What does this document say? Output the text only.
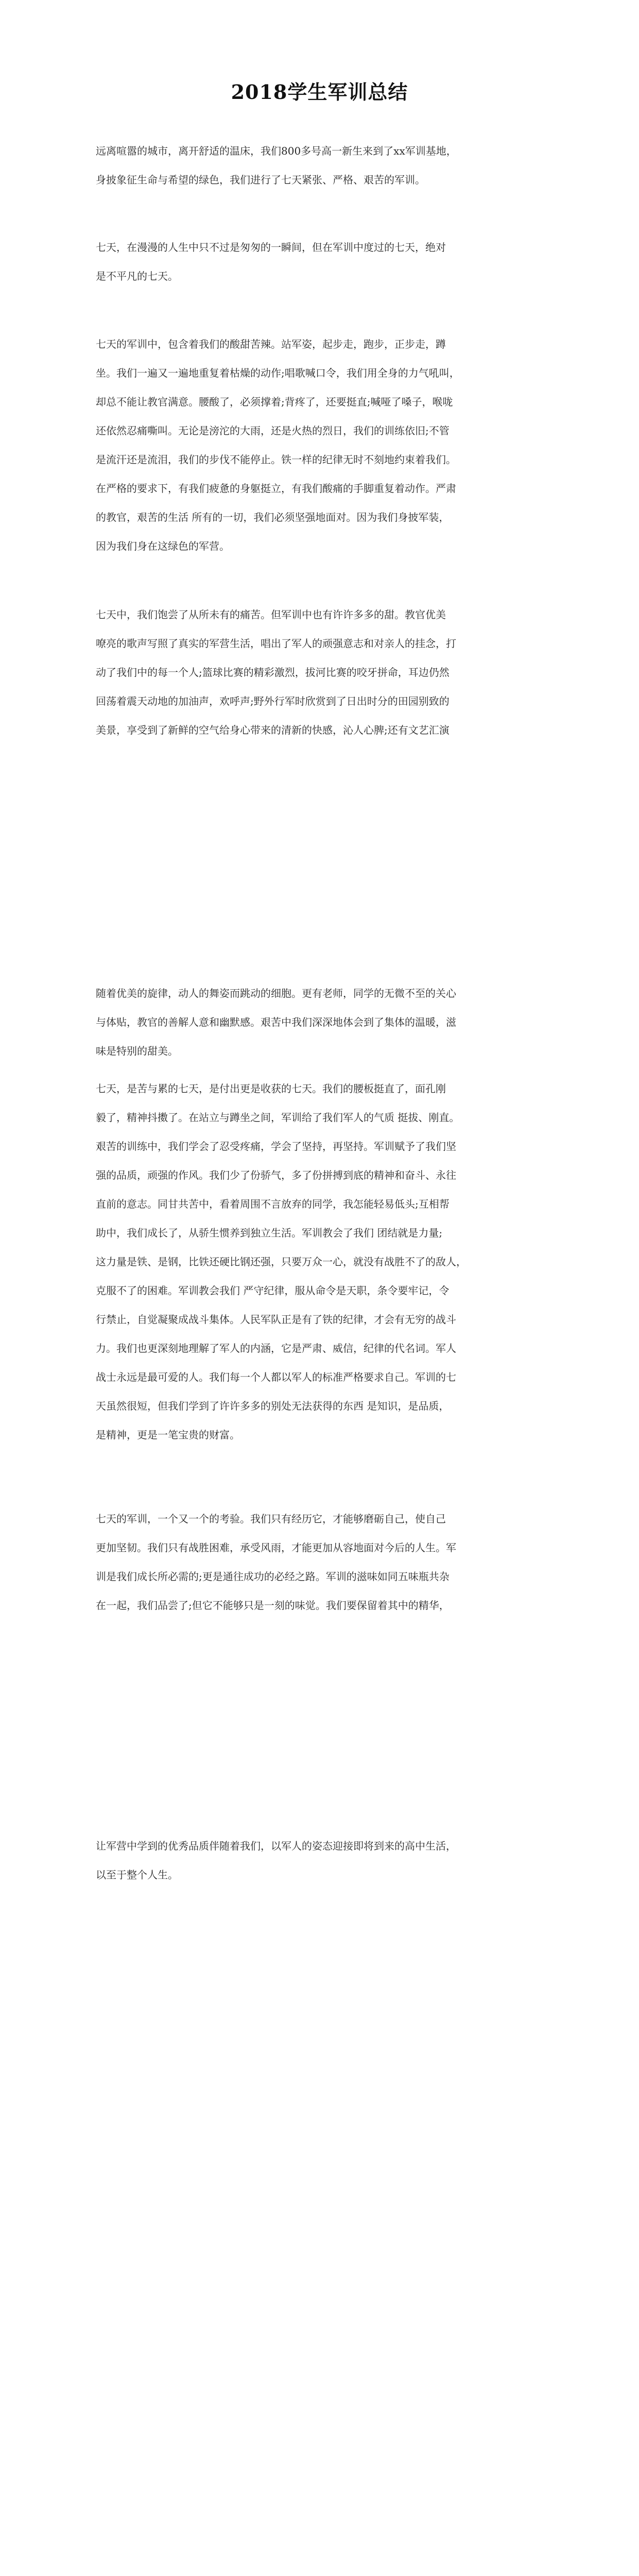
2018学生军训总结
远离喧嚣的城市，离开舒适的温床，我们800多号高一新生来到了xx军训基地，
身披象征生命与希望的绿色，我们进行了七天紧张、严格、艰苦的军训。
七天，在漫漫的人生中只不过是匆匆的一瞬间，但在军训中度过的七天，绝对
是不平凡的七天。
七天的军训中，包含着我们的酸甜苦辣。站军姿，起步走，跑步，正步走，蹲
坐。我们一遍又一遍地重复着枯燥的动作;唱歌喊口令，我们用全身的力气吼叫，
却总不能让教官满意。腰酸了，必须撑着;背疼了，还要挺直;喊哑了嗓子，喉咙
还依然忍痛嘶叫。无论是滂沱的大雨，还是火热的烈日，我们的训练依旧;不管
是流汗还是流泪，我们的步伐不能停止。铁一样的纪律无时不刻地约束着我们。
在严格的要求下，有我们疲惫的身躯挺立，有我们酸痛的手脚重复着动作。严肃
的教官，艰苦的生活 所有的一切，我们必须坚强地面对。因为我们身披军装，
因为我们身在这绿色的军营。
七天中，我们饱尝了从所未有的痛苦。但军训中也有许许多多的甜。教官优美
嘹亮的歌声写照了真实的军营生活，唱出了军人的顽强意志和对亲人的挂念，打
动了我们中的每一个人;篮球比赛的精彩激烈，拔河比赛的咬牙拼命，耳边仍然
回荡着震天动地的加油声，欢呼声;野外行军时欣赏到了日出时分的田园别致的
美景，享受到了新鲜的空气给身心带来的清新的快感，沁人心脾;还有文艺汇演
随着优美的旋律，动人的舞姿而跳动的细胞。更有老师，同学的无微不至的关心
与体贴，教官的善解人意和幽默感。艰苦中我们深深地体会到了集体的温暖，滋
味是特别的甜美。
七天，是苦与累的七天，是付出更是收获的七天。我们的腰板挺直了，面孔刚
毅了，精神抖擞了。在站立与蹲坐之间，军训给了我们军人的气质 挺拔、刚直。
艰苦的训练中，我们学会了忍受疼痛，学会了坚持，再坚持。军训赋予了我们坚
强的品质，顽强的作风。我们少了份骄气，多了份拼搏到底的精神和奋斗、永往
直前的意志。同甘共苦中，看着周围不言放弃的同学，我怎能轻易低头;互相帮
助中，我们成长了，从骄生惯养到独立生活。军训教会了我们 团结就是力量;
这力量是铁、是钢，比铁还硬比钢还强，只要万众一心，就没有战胜不了的敌人，
克服不了的困难。军训教会我们 严守纪律，服从命令是天职，条令要牢记，令
行禁止，自觉凝聚成战斗集体。人民军队正是有了铁的纪律，才会有无穷的战斗
力。我们也更深刻地理解了军人的内涵，它是严肃、威信，纪律的代名词。军人
战士永远是最可爱的人。我们每一个人都以军人的标准严格要求自己。军训的七
天虽然很短，但我们学到了许许多多的别处无法获得的东西 是知识，是品质，
是精神，更是一笔宝贵的财富。
七天的军训，一个又一个的考验。我们只有经历它，才能够磨砺自己，使自己
更加坚韧。我们只有战胜困难，承受风雨，才能更加从容地面对今后的人生。军
训是我们成长所必需的;更是通往成功的必经之路。军训的滋味如同五味瓶共杂
在一起，我们品尝了;但它不能够只是一刻的味觉。我们要保留着其中的精华，
让军营中学到的优秀品质伴随着我们，以军人的姿态迎接即将到来的高中生活，
以至于整个人生。
